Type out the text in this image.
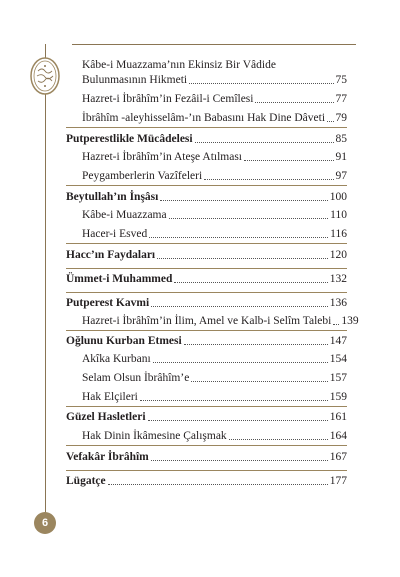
Kâbe-i Muazzama’nın Ekinsiz Bir Vâdide
Bulunmasının Hikmeti	75
Hazret-i İbrâhîm’in Fezâil-i Cemîlesi	77
İbrâhîm -aleyhisselâm-’ın Babasını Hak Dine Dâveti 79
Putperestlikle Mücâdelesi	85
Hazret-i İbrâhîm’in Ateşe Atılması	91
Peygamberlerin Vazîfeleri	97
Beytullah’ın İnşâsı	100
Kâbe-i Muazzama	110
Hacer-i Esved	116
Hacc’ın Faydaları	120
Ümmet-i Muhammed	132
Putperest Kavmi	136
Hazret-i İbrâhîm’in İlim, Amel ve Kalb-i Selîm Talebi 139
Oğlunu Kurban Etmesi	147
Akîka Kurbanı	154
Selam Olsun İbrâhîm’e	157
Hak Elçileri	159
Güzel Hasletleri	161
Hak Dinin İkâmesine Çalışmak	164
Vefakâr İbrâhîm	167
Lügatçe	177
6
